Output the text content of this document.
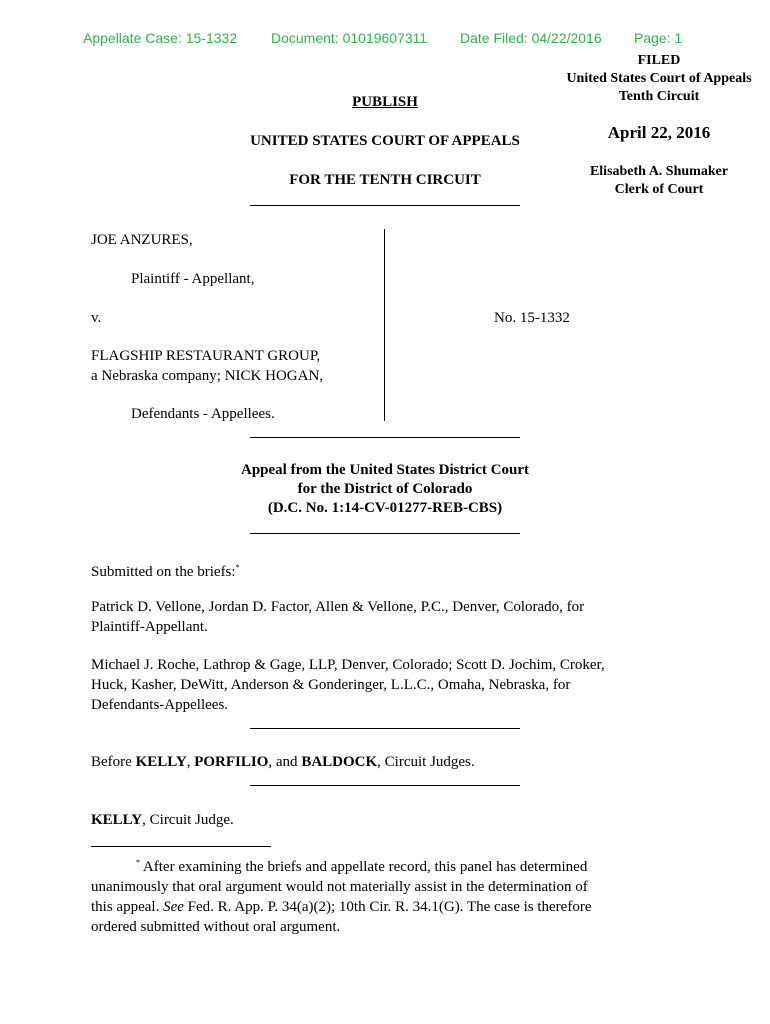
Appellate Case: 15-1332 Document: 01019607311 Date Filed: 04/22/2016 Page: 1
FILED
United States Court of Appeals
Tenth Circuit
April 22, 2016
Elisabeth A. Shumaker
Clerk of Court
PUBLISH
UNITED STATES COURT OF APPEALS
FOR THE TENTH CIRCUIT
JOE ANZURES,
Plaintiff - Appellant,
v.
FLAGSHIP RESTAURANT GROUP,
a Nebraska company; NICK HOGAN,
Defendants - Appellees.
No. 15-1332
Appeal from the United States District Court
for the District of Colorado
(D.C. No. 1:14-CV-01277-REB-CBS)
Submitted on the briefs:*
Patrick D. Vellone, Jordan D. Factor, Allen & Vellone, P.C., Denver, Colorado, for
Plaintiff-Appellant.
Michael J. Roche, Lathrop & Gage, LLP, Denver, Colorado; Scott D. Jochim, Croker,
Huck, Kasher, DeWitt, Anderson & Gonderinger, L.L.C., Omaha, Nebraska, for
Defendants-Appellees.
Before KELLY, PORFILIO, and BALDOCK, Circuit Judges.
KELLY, Circuit Judge.
* After examining the briefs and appellate record, this panel has determined
unanimously that oral argument would not materially assist in the determination of
this appeal. See Fed. R. App. P. 34(a)(2); 10th Cir. R. 34.1(G). The case is therefore
ordered submitted without oral argument.
